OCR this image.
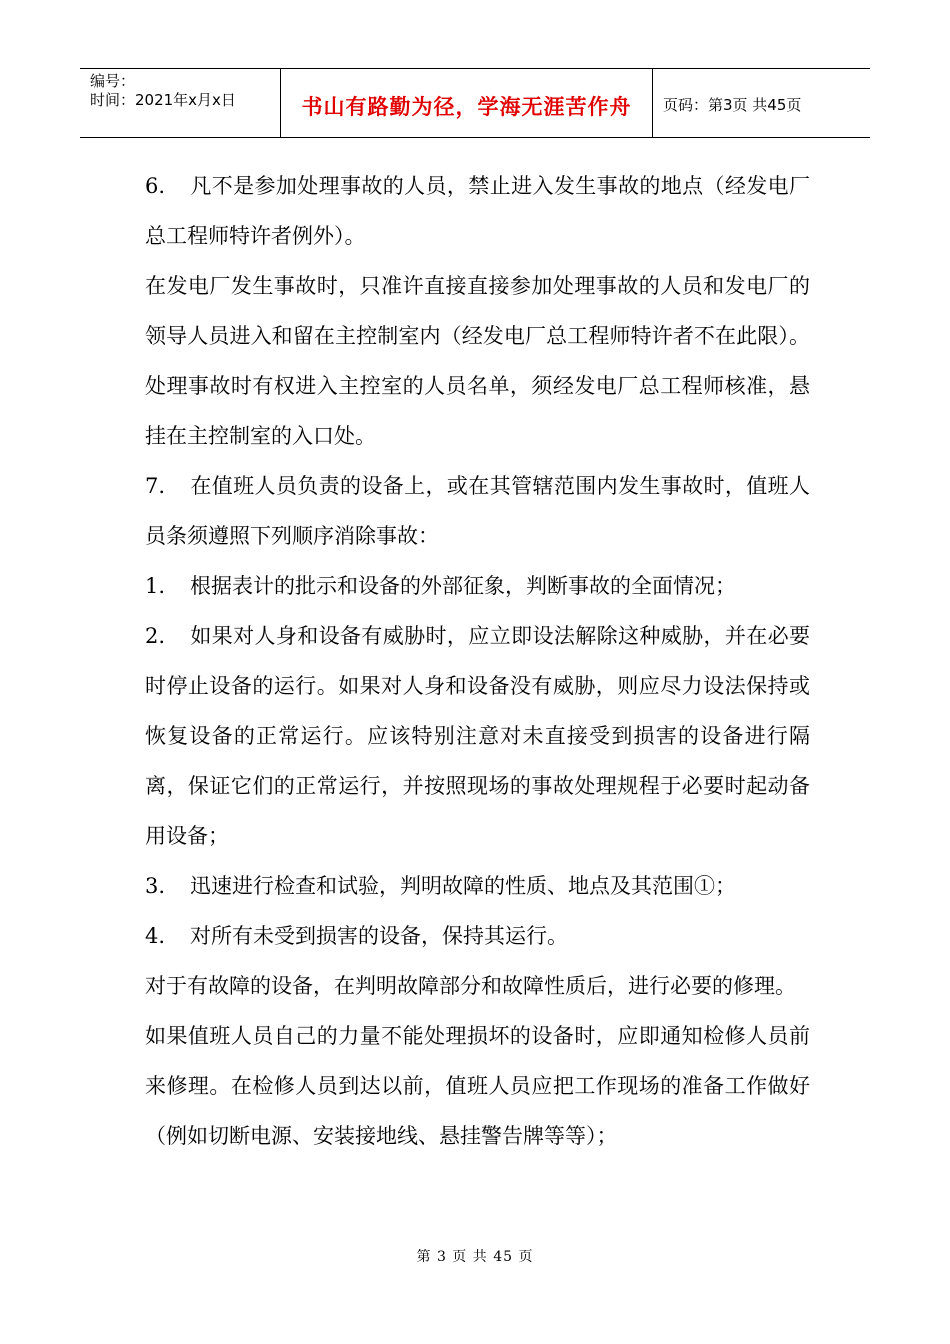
编号：
时间：2021年x月x日	书山有路勤为径，学海无涯苦作舟	页码：第3页 共45页

6. 凡不是参加处理事故的人员，禁止进入发生事故的地点（经发电厂总工程师特许者例外）。

在发电厂发生事故时，只准许直接直接参加处理事故的人员和发电厂的领导人员进入和留在主控制室内（经发电厂总工程师特许者不在此限）。处理事故时有权进入主控室的人员名单，须经发电厂总工程师核准，悬挂在主控制室的入口处。

7. 在值班人员负责的设备上，或在其管辖范围内发生事故时，值班人员条须遵照下列顺序消除事故：

1. 根据表计的批示和设备的外部征象，判断事故的全面情况；

2. 如果对人身和设备有威胁时，应立即设法解除这种威胁，并在必要时停止设备的运行。如果对人身和设备没有威胁，则应尽力设法保持或恢复设备的正常运行。应该特别注意对未直接受到损害的设备进行隔离，保证它们的正常运行，并按照现场的事故处理规程于必要时起动备用设备；

3. 迅速进行检查和试验，判明故障的性质、地点及其范围①；

4. 对所有未受到损害的设备，保持其运行。

对于有故障的设备，在判明故障部分和故障性质后，进行必要的修理。

如果值班人员自己的力量不能处理损坏的设备时，应即通知检修人员前来修理。在检修人员到达以前，值班人员应把工作现场的准备工作做好（例如切断电源、安装接地线、悬挂警告牌等等）；

第 3 页 共 45 页
